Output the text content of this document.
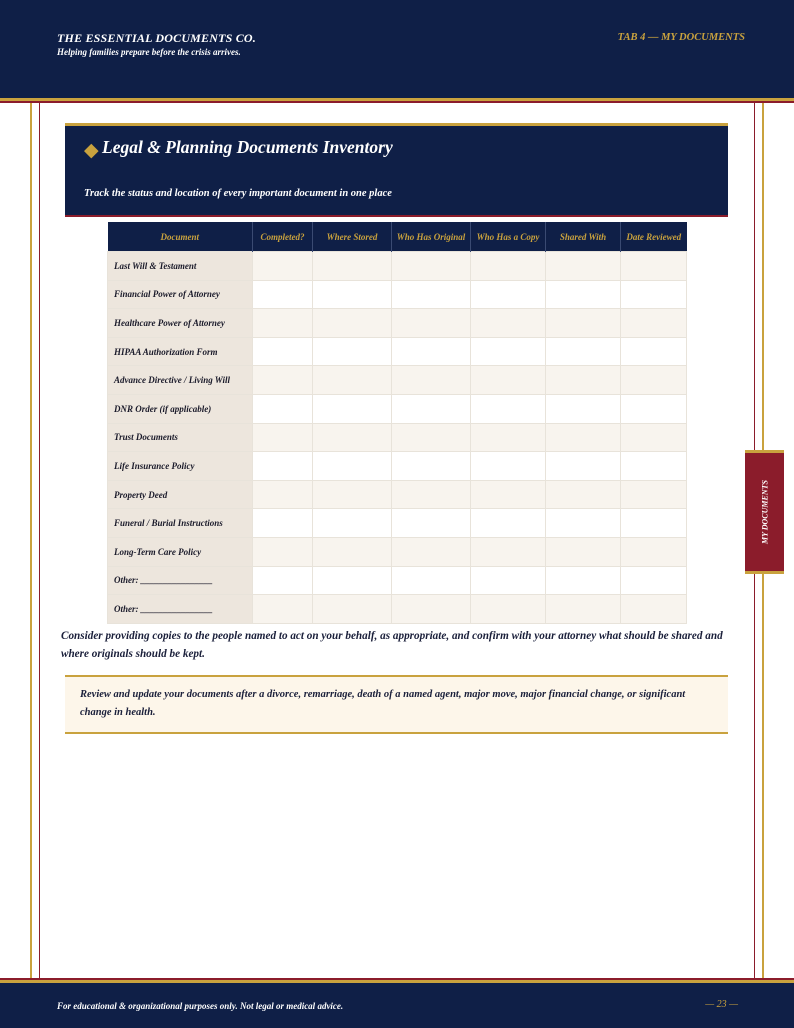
THE ESSENTIAL DOCUMENTS CO.
Helping families prepare before the crisis arrives.
TAB 4 — MY DOCUMENTS
◆ Legal & Planning Documents Inventory
Track the status and location of every important document in one place
Document	Completed?	Where Stored	Who Has Original	Who Has a Copy	Shared With	Date Reviewed
Last Will & Testament						
Financial Power of Attorney						
Healthcare Power of Attorney						
HIPAA Authorization Form						
Advance Directive / Living Will						
DNR Order (if applicable)						
Trust Documents						
Life Insurance Policy						
Property Deed						
Funeral / Burial Instructions						
Long-Term Care Policy						
Other: ________________						
Other: ________________						
Consider providing copies to the people named to act on your behalf, as appropriate, and confirm with your attorney what should be shared and where originals should be kept.
Review and update your documents after a divorce, remarriage, death of a named agent, major move, major financial change, or significant change in health.
MY DOCUMENTS
For educational & organizational purposes only. Not legal or medical advice.	— 23 —
